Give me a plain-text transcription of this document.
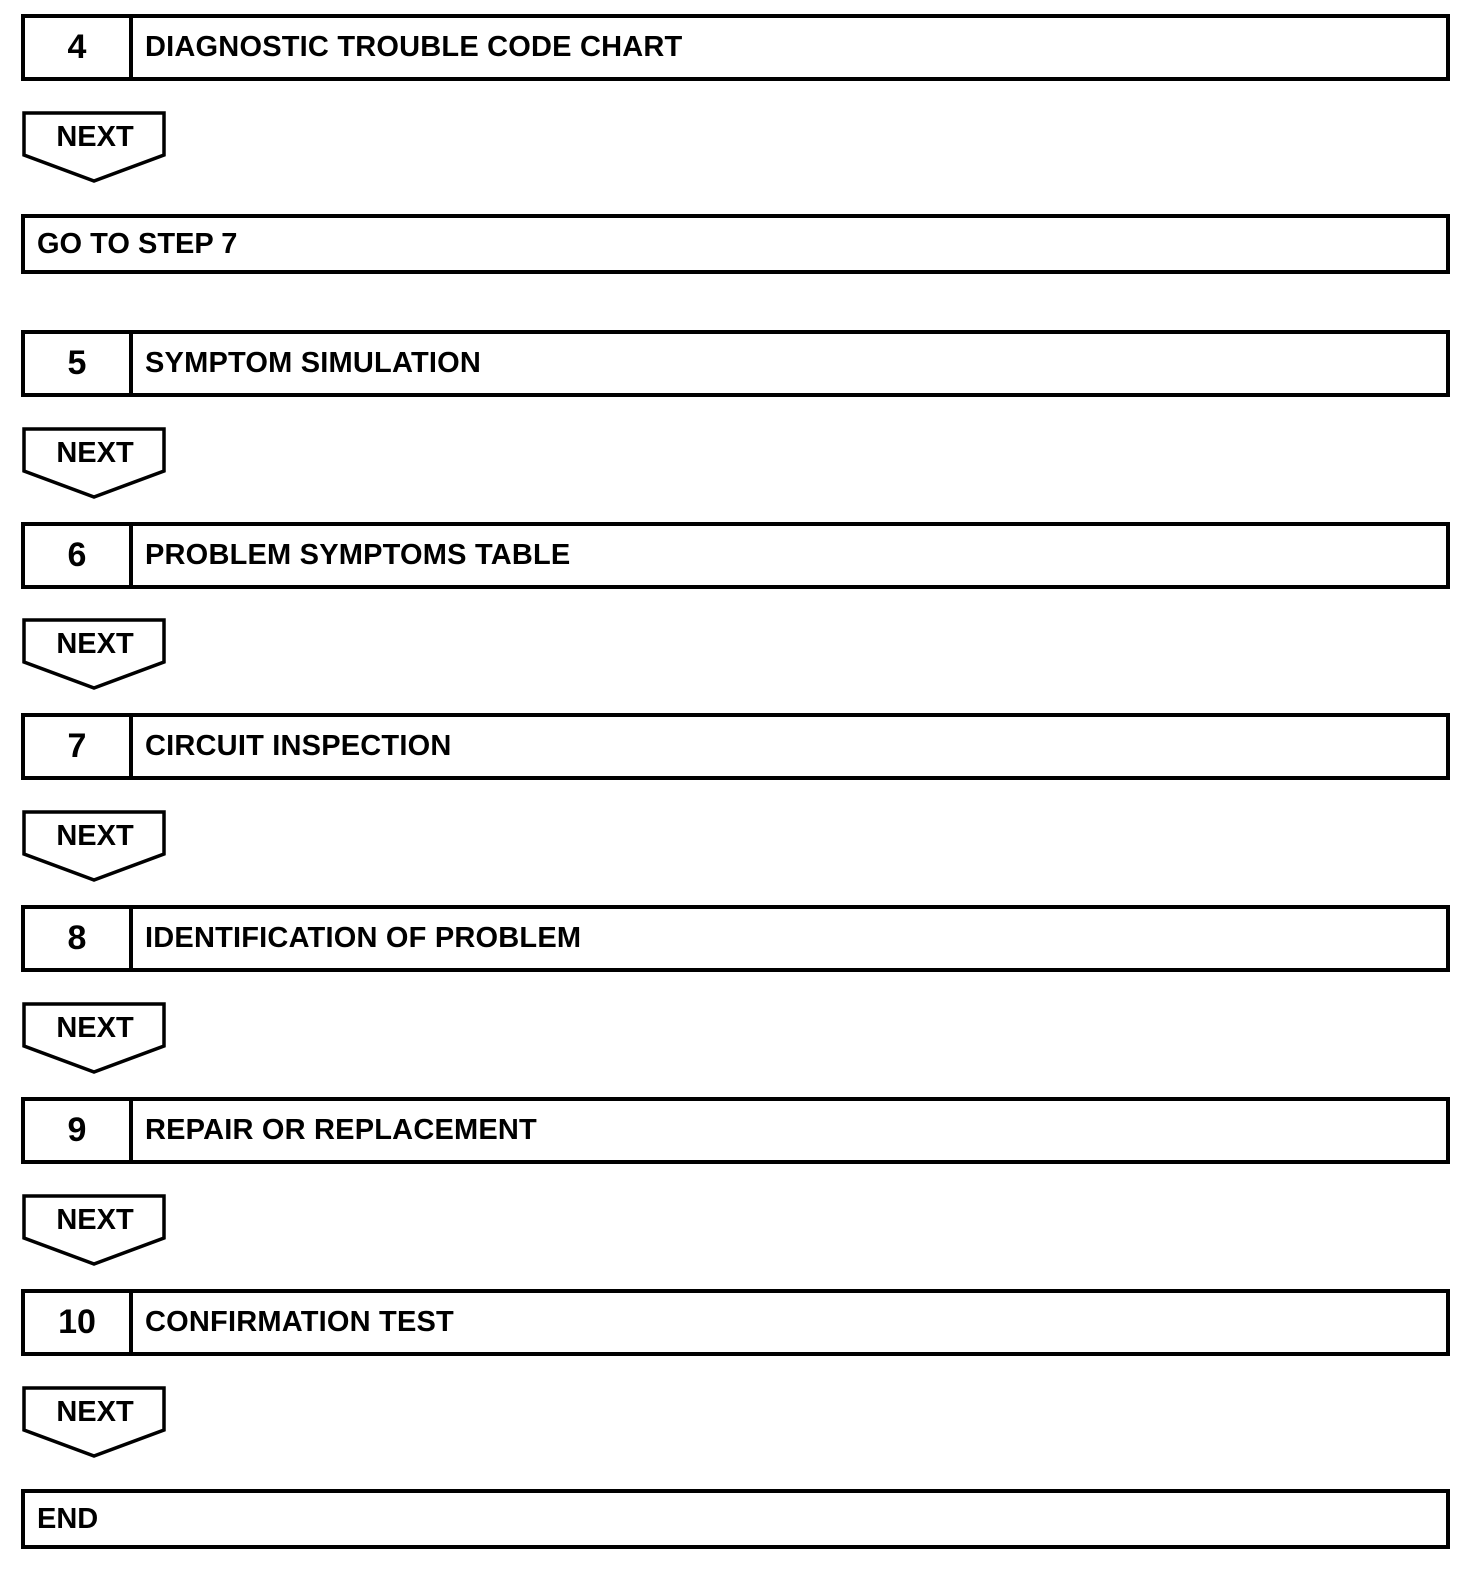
4	DIAGNOSTIC TROUBLE CODE CHART
NEXT
GO TO STEP 7
5	SYMPTOM SIMULATION
NEXT
6	PROBLEM SYMPTOMS TABLE
NEXT
7	CIRCUIT INSPECTION
NEXT
8	IDENTIFICATION OF PROBLEM
NEXT
9	REPAIR OR REPLACEMENT
NEXT
10	CONFIRMATION TEST
NEXT
END
